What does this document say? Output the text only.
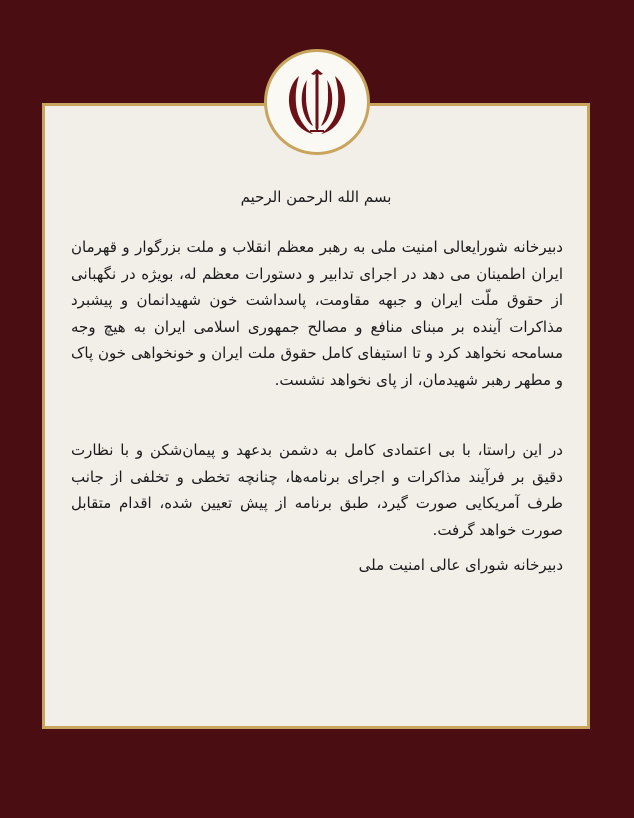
بسم الله الرحمن الرحیم

دبیرخانه شورایعالی امنیت ملی به رهبر معظم انقلاب و ملت بزرگوار و قهرمان ایران اطمینان می دهد در اجرای تدابیر و دستورات معظم له، بویژه در نگهبانی از حقوق ملّت ایران و جبهه مقاومت، پاسداشت خون شهیدانمان و پیشبرد مذاکرات آینده بر مبنای منافع و مصالح جمهوری اسلامی ایران به هیچ وجه مسامحه نخواهد کرد و تا استیفای کامل حقوق ملت ایران و خونخواهی خون پاک و مطهر رهبر شهیدمان، از پای نخواهد نشست.

در این راستا، با بی اعتمادی کامل به دشمن بدعهد و پیمان‌شکن و با نظارت دقیق بر فرآیند مذاکرات و اجرای برنامه‌ها، چنانچه تخطی و تخلفی از جانب طرف آمریکایی صورت گیرد، طبق برنامه از پیش تعیین شده، اقدام متقابل صورت خواهد گرفت.

دبیرخانه شورای عالی امنیت ملی
